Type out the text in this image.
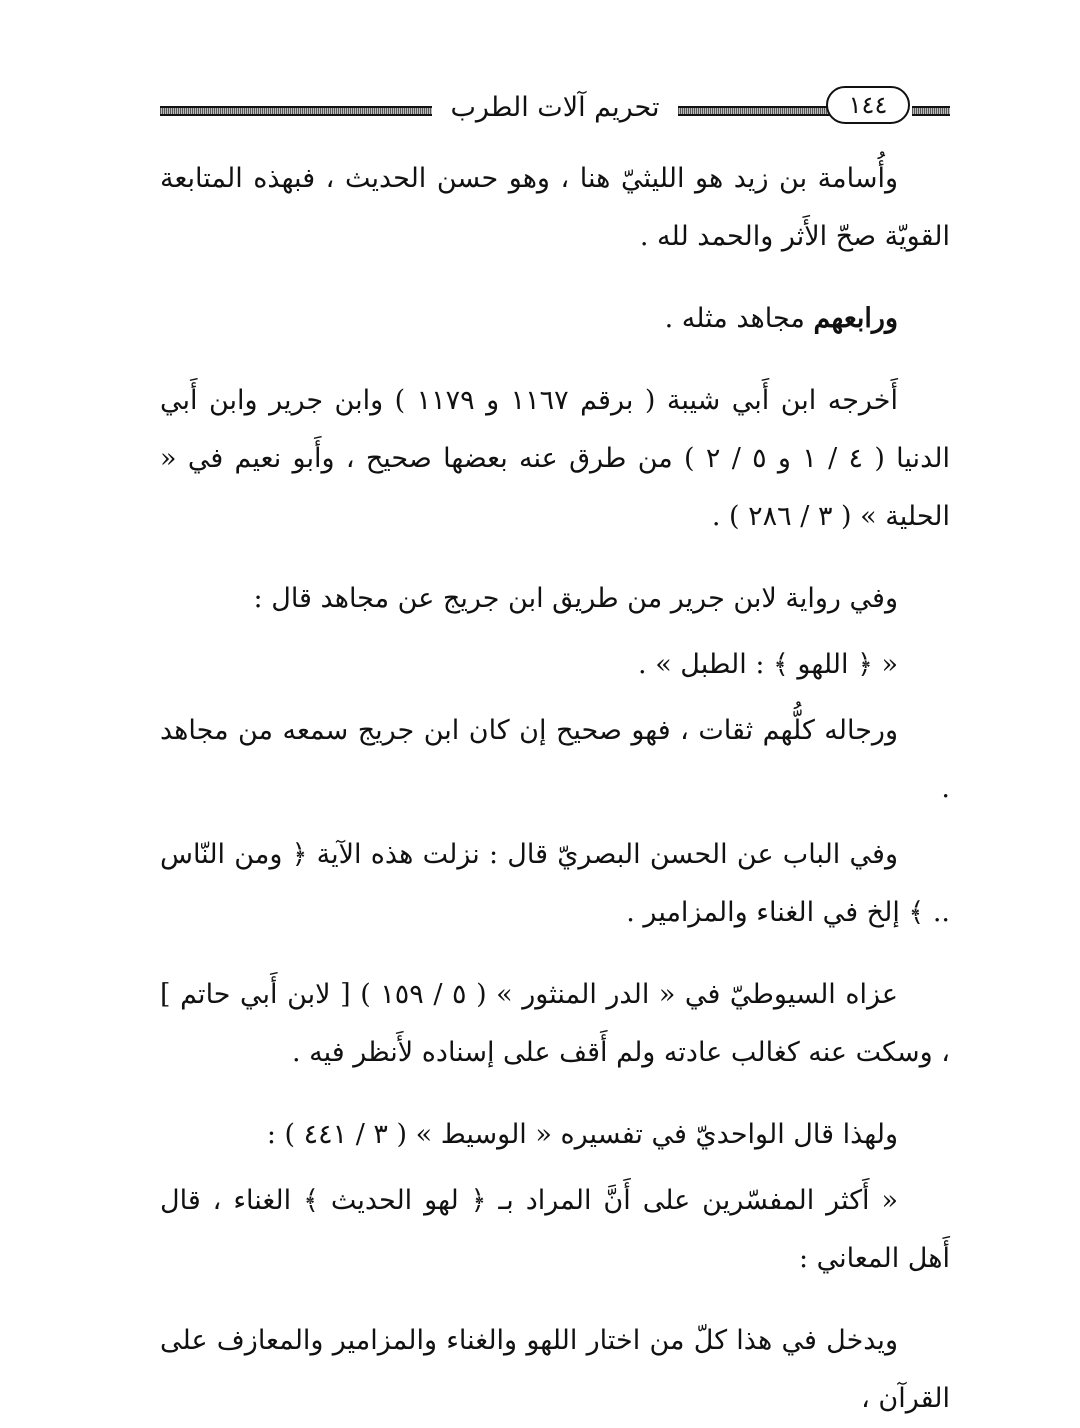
تحريم آلات الطرب	١٤٤

وأُسامة بن زيد هو الليثيّ هنا ، وهو حسن الحديث ، فبهذه المتابعة القويّة صحّ الأَثر والحمد لله .

ورابعهم مجاهد مثله .

أَخرجه ابن أَبي شيبة ( برقم ١١٦٧ و ١١٧٩ ) وابن جرير وابن أَبي الدنيا ( ٤ / ١ و ٥ / ٢ ) من طرق عنه بعضها صحيح ، وأَبو نعيم في « الحلية » ( ٣ / ٢٨٦ ) .

وفي رواية لابن جرير من طريق ابن جريج عن مجاهد قال :

« ﴿ اللهو ﴾ : الطبل » .

ورجاله كلُّهم ثقات ، فهو صحيح إن كان ابن جريج سمعه من مجاهد .

وفي الباب عن الحسن البصريّ قال : نزلت هذه الآية ﴿ ومن النّاس .. ﴾ إلخ في الغناء والمزامير .

عزاه السيوطيّ في « الدر المنثور » ( ٥ / ١٥٩ ) [ لابن أَبي حاتم ] ، وسكت عنه كغالب عادته ولم أَقف على إسناده لأَنظر فيه .

ولهذا قال الواحديّ في تفسيره « الوسيط » ( ٣ / ٤٤١ ) :

« أَكثر المفسّرين على أَنَّ المراد بـ ﴿ لهو الحديث ﴾ الغناء ، قال أَهل المعاني :

ويدخل في هذا كلّ من اختار اللهو والغناء والمزامير والمعازف على القرآن ،
